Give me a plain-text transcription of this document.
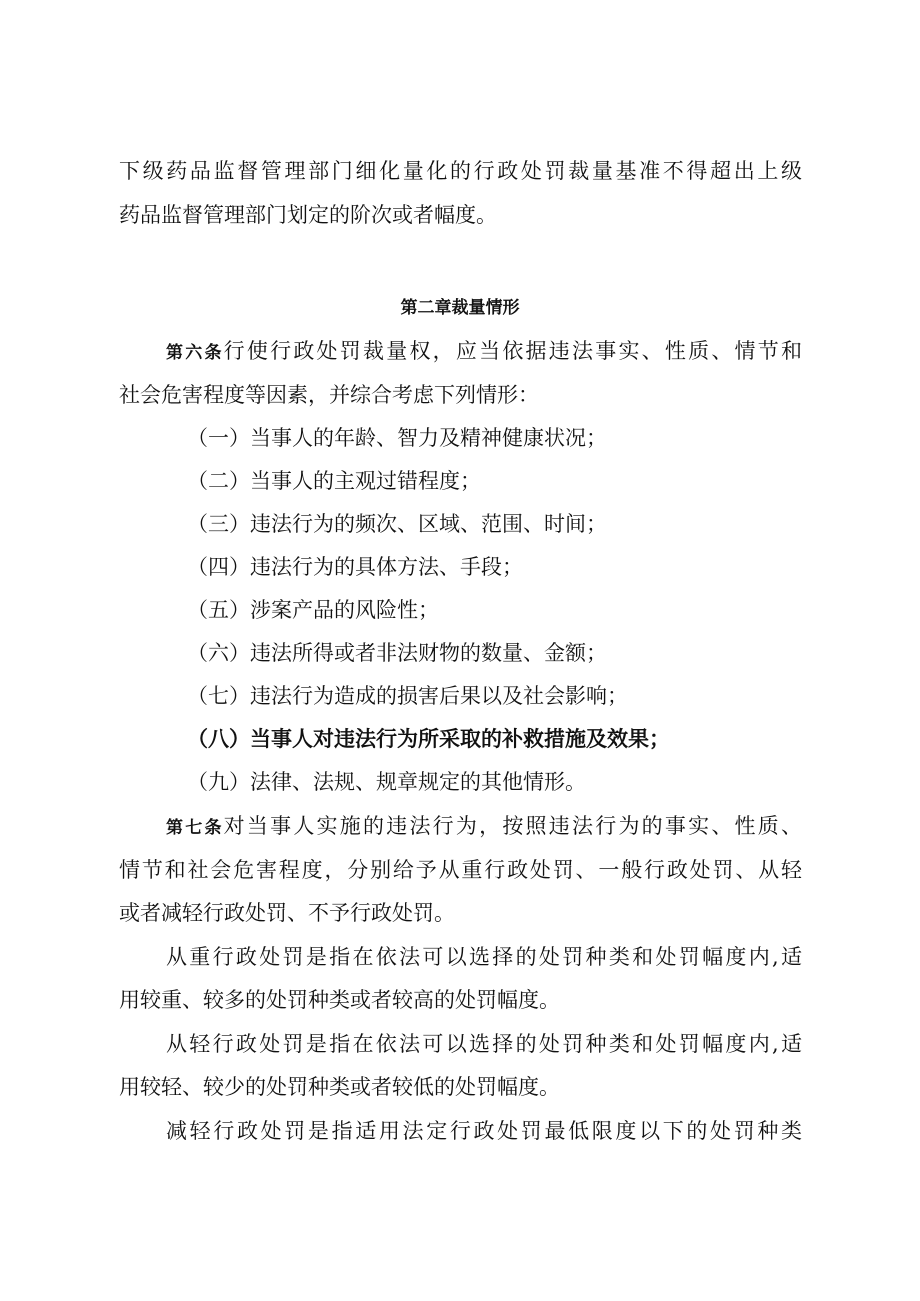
下级药品监督管理部门细化量化的行政处罚裁量基准不得超出上级
药品监督管理部门划定的阶次或者幅度。
第二章裁量情形
第六条行使行政处罚裁量权，应当依据违法事实、性质、情节和
社会危害程度等因素，并综合考虑下列情形：
（一）当事人的年龄、智力及精神健康状况；
（二）当事人的主观过错程度；
（三）违法行为的频次、区域、范围、时间；
（四）违法行为的具体方法、手段；
（五）涉案产品的风险性；
（六）违法所得或者非法财物的数量、金额；
（七）违法行为造成的损害后果以及社会影响；
（八）当事人对违法行为所采取的补救措施及效果；
（九）法律、法规、规章规定的其他情形。
第七条对当事人实施的违法行为，按照违法行为的事实、性质、
情节和社会危害程度，分别给予从重行政处罚、一般行政处罚、从轻
或者减轻行政处罚、不予行政处罚。
从重行政处罚是指在依法可以选择的处罚种类和处罚幅度内,适
用较重、较多的处罚种类或者较高的处罚幅度。
从轻行政处罚是指在依法可以选择的处罚种类和处罚幅度内,适
用较轻、较少的处罚种类或者较低的处罚幅度。
减轻行政处罚是指适用法定行政处罚最低限度以下的处罚种类
